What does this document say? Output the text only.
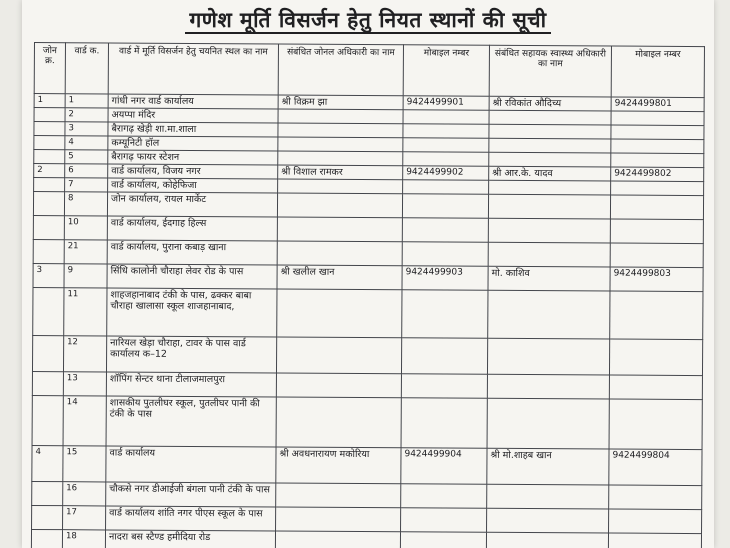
गणेश मूर्ति विसर्जन हेतु नियत स्थानों की सूची
जोन क्र.	वार्ड क.	वार्ड में मूर्ति विसर्जन हेतु चयनित स्थल का नाम	संबंधित जोनल अधिकारी का नाम	मोबाइल नम्बर	संबंधित सहायक स्वास्थ्य अधिकारी का नाम	मोबाइल नम्बर
1	1	गांधी नगर वार्ड कार्यालय	श्री विक्रम झा	9424499901	श्री रविकांत औदिच्य	9424499801
	2	अयप्पा मंदिर				
	3	बैरागढ़ खेड़ी शा.मा.शाला				
	4	कम्यूनिटी हॉल				
	5	बैरागढ़ फायर स्टेशन				
2	6	वार्ड कार्यालय, विजय नगर	श्री विशाल रामकर	9424499902	श्री आर.के. यादव	9424499802
	7	वार्ड कार्यालय, कोहेफिजा				
	8	जोन कार्यालय, रायल मार्केट				
	10	वार्ड कार्यालय, ईदगाह हिल्स				
	21	वार्ड कार्यालय, पुराना कबाड़ खाना				
3	9	सिंधि कालोनी चौराहा लेवर रोड के पास	श्री खलील खान	9424499903	मो. काशिव	9424499803
	11	शाहजहानाबाद टंकी के पास, ढक्कर बाबा चौराहा खालासा स्कूल शाजहानाबाद,				
	12	नारियल खेड़ा चौराहा, टावर के पास वार्ड कार्यालय क–12				
	13	शॉपिंग सेन्टर थाना टीलाजमालपुरा				
	14	शासकीय पुतलीघर स्कूल, पुतलीघर पानी की टंकी के पास				
4	15	वार्ड कार्यालय	श्री अवधनारायण मकोरिया	9424499904	श्री मो.शाहब खान	9424499804
	16	चौकसे नगर डीआईजी बंगला पानी टंकी के पास				
	17	वार्ड कार्यालय शांति नगर पीएस स्कूल के पास				
	18	नादरा बस स्टैण्ड हमीदिया रोड				
